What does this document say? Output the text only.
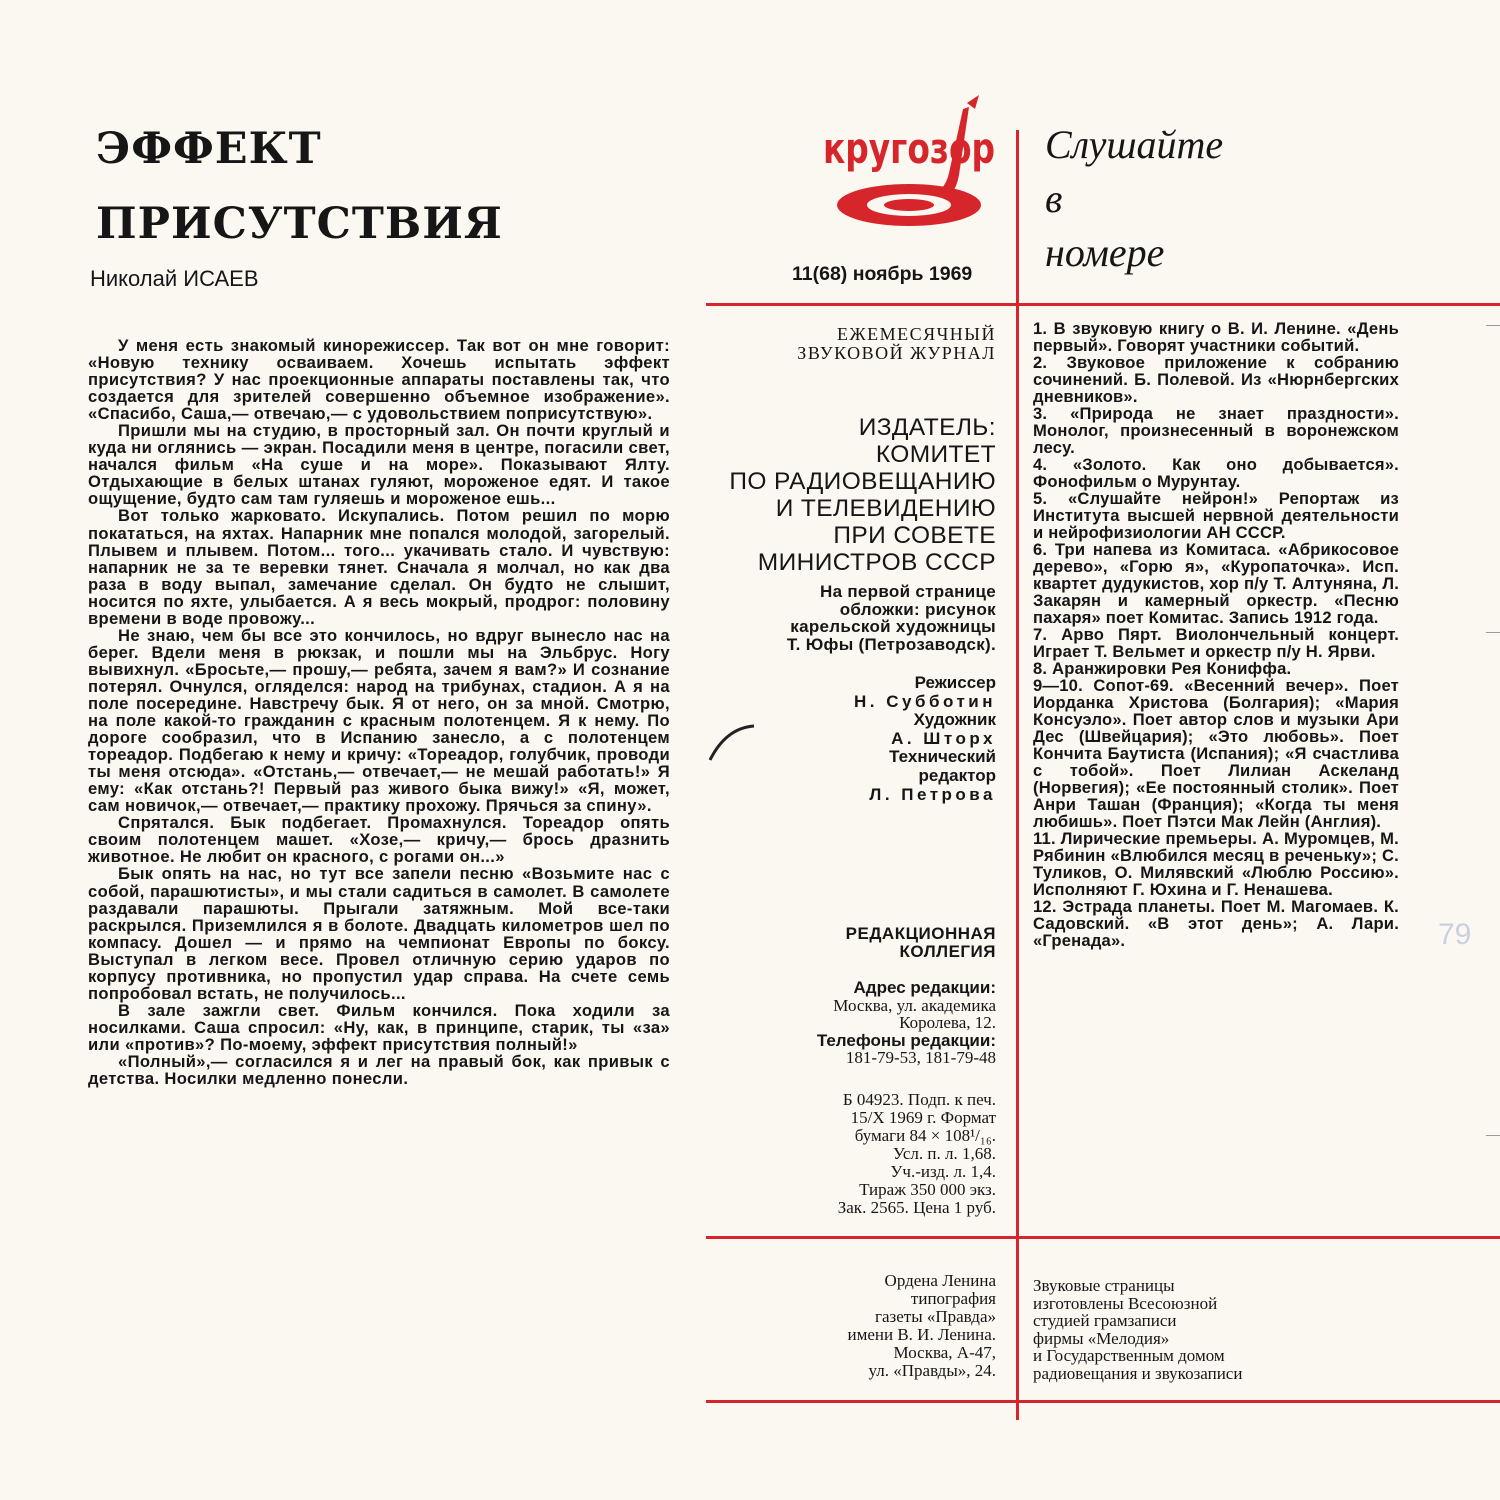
ЭФФЕКТ
ПРИСУТСТВИЯ
Николай ИСАЕВ

У меня есть знакомый кинорежиссер. Так вот он мне говорит: «Новую технику осваиваем. Хочешь испытать эффект присутствия? У нас проекционные аппараты поставлены так, что создается для зрителей совершенно объемное изображение». «Спасибо, Саша,— отвечаю,— с удовольствием поприсутствую».

Пришли мы на студию, в просторный зал. Он почти круглый и куда ни оглянись — экран. Посадили меня в центре, погасили свет, начался фильм «На суше и на море». Показывают Ялту. Отдыхающие в белых штанах гуляют, мороженое едят. И такое ощущение, будто сам там гуляешь и мороженое ешь...

Вот только жарковато. Искупались. Потом решил по морю покататься, на яхтах. Напарник мне попался молодой, загорелый. Плывем и плывем. Потом... того... укачивать стало. И чувствую: напарник не за те веревки тянет. Сначала я молчал, но как два раза в воду выпал, замечание сделал. Он будто не слышит, носится по яхте, улыбается. А я весь мокрый, продрог: половину времени в воде провожу...

Не знаю, чем бы все это кончилось, но вдруг вынесло нас на берег. Вдели меня в рюкзак, и пошли мы на Эльбрус. Ногу вывихнул. «Бросьте,— прошу,— ребята, зачем я вам?» И сознание потерял. Очнулся, огляделся: народ на трибунах, стадион. А я на поле посередине. Навстречу бык. Я от него, он за мной. Смотрю, на поле какой-то гражданин с красным полотенцем. Я к нему. По дороге сообразил, что в Испанию занесло, а с полотенцем тореадор. Подбегаю к нему и кричу: «Тореадор, голубчик, проводи ты меня отсюда». «Отстань,— отвечает,— не мешай работать!» Я ему: «Как отстань?! Первый раз живого быка вижу!» «Я, может, сам новичок,— отвечает,— практику прохожу. Прячься за спину».

Спрятался. Бык подбегает. Промахнулся. Тореадор опять своим полотенцем машет. «Хозе,— кричу,— брось дразнить животное. Не любит он красного, с рогами он...»

Бык опять на нас, но тут все запели песню «Возьмите нас с собой, парашютисты», и мы стали садиться в самолет. В самолете раздавали парашюты. Прыгали затяжным. Мой все-таки раскрылся. Приземлился я в болоте. Двадцать километров шел по компасу. Дошел — и прямо на чемпионат Европы по боксу. Выступал в легком весе. Провел отличную серию ударов по корпусу противника, но пропустил удар справа. На счете семь попробовал встать, не получилось...

В зале зажгли свет. Фильм кончился. Пока ходили за носилками. Саша спросил: «Ну, как, в принципе, старик, ты «за» или «против»? По-моему, эффект присутствия полный!»

«Полный»,— согласился я и лег на правый бок, как привык с детства. Носилки медленно понесли.

кругозор
11(68) ноябрь 1969
Слушайте
в
номере
ЕЖЕМЕСЯЧНЫЙ
ЗВУКОВОЙ ЖУРНАЛ
ИЗДАТЕЛЬ:
КОМИТЕТ
ПО РАДИОВЕЩАНИЮ
И ТЕЛЕВИДЕНИЮ
ПРИ СОВЕТЕ
МИНИСТРОВ СССР
На первой странице
обложки: рисунок
карельской художницы
Т. Юфы (Петрозаводск).
Режиссер
Н. Субботин
Художник
А. Шторх
Технический
редактор
Л. Петрова
РЕДАКЦИОННАЯ
КОЛЛЕГИЯ
Адрес редакции:
Москва, ул. академика
Королева, 12.
Телефоны редакции:
181-79-53, 181-79-48
Б 04923. Подп. к печ.
15/X 1969 г. Формат
бумаги 84 × 108¹/₁₆.
Усл. п. л. 1,68.
Уч.-изд. л. 1,4.
Тираж 350 000 экз.
Зак. 2565. Цена 1 руб.
Ордена Ленина
типография
газеты «Правда»
имени В. И. Ленина.
Москва, А-47,
ул. «Правды», 24.
1. В звуковую книгу о В. И. Ленине. «День первый». Говорят участники событий.
2. Звуковое приложение к собранию сочинений. Б. Полевой. Из «Нюрнбергских дневников».
3. «Природа не знает праздности». Монолог, произнесенный в воронежском лесу.
4. «Золото. Как оно добывается». Фонофильм о Мурунтау.
5. «Слушайте нейрон!» Репортаж из Института высшей нервной деятельности и нейрофизиологии АН СССР.
6. Три напева из Комитаса. «Абрикосовое дерево», «Горю я», «Куропаточка». Исп. квартет дудукистов, хор п/у Т. Алтуняна, Л. Закарян и камерный оркестр. «Песню пахаря» поет Комитас. Запись 1912 года.
7. Арво Пярт. Виолончельный концерт. Играет Т. Вельмет и оркестр п/у Н. Ярви.
8. Аранжировки Рея Кониффа.
9—10. Сопот-69. «Весенний вечер». Поет Иорданка Христова (Болгария); «Мария Консуэло». Поет автор слов и музыки Ари Дес (Швейцария); «Это любовь». Поет Кончита Баутиста (Испания); «Я счастлива с тобой». Поет Лилиан Аскеланд (Норвегия); «Ее постоянный столик». Поет Анри Ташан (Франция); «Когда ты меня любишь». Поет Пэтси Мак Лейн (Англия).
11. Лирические премьеры. А. Муромцев, М. Рябинин «Влюбился месяц в реченьку»; С. Туликов, О. Милявский «Люблю Россию». Исполняют Г. Юхина и Г. Ненашева.
12. Эстрада планеты. Поет М. Магомаев. К. Садовский. «В этот день»; А. Лари. «Гренада».
Звуковые страницы
изготовлены Всесоюзной
студией грамзаписи
фирмы «Мелодия»
и Государственным домом
радиовещания и звукозаписи
79
